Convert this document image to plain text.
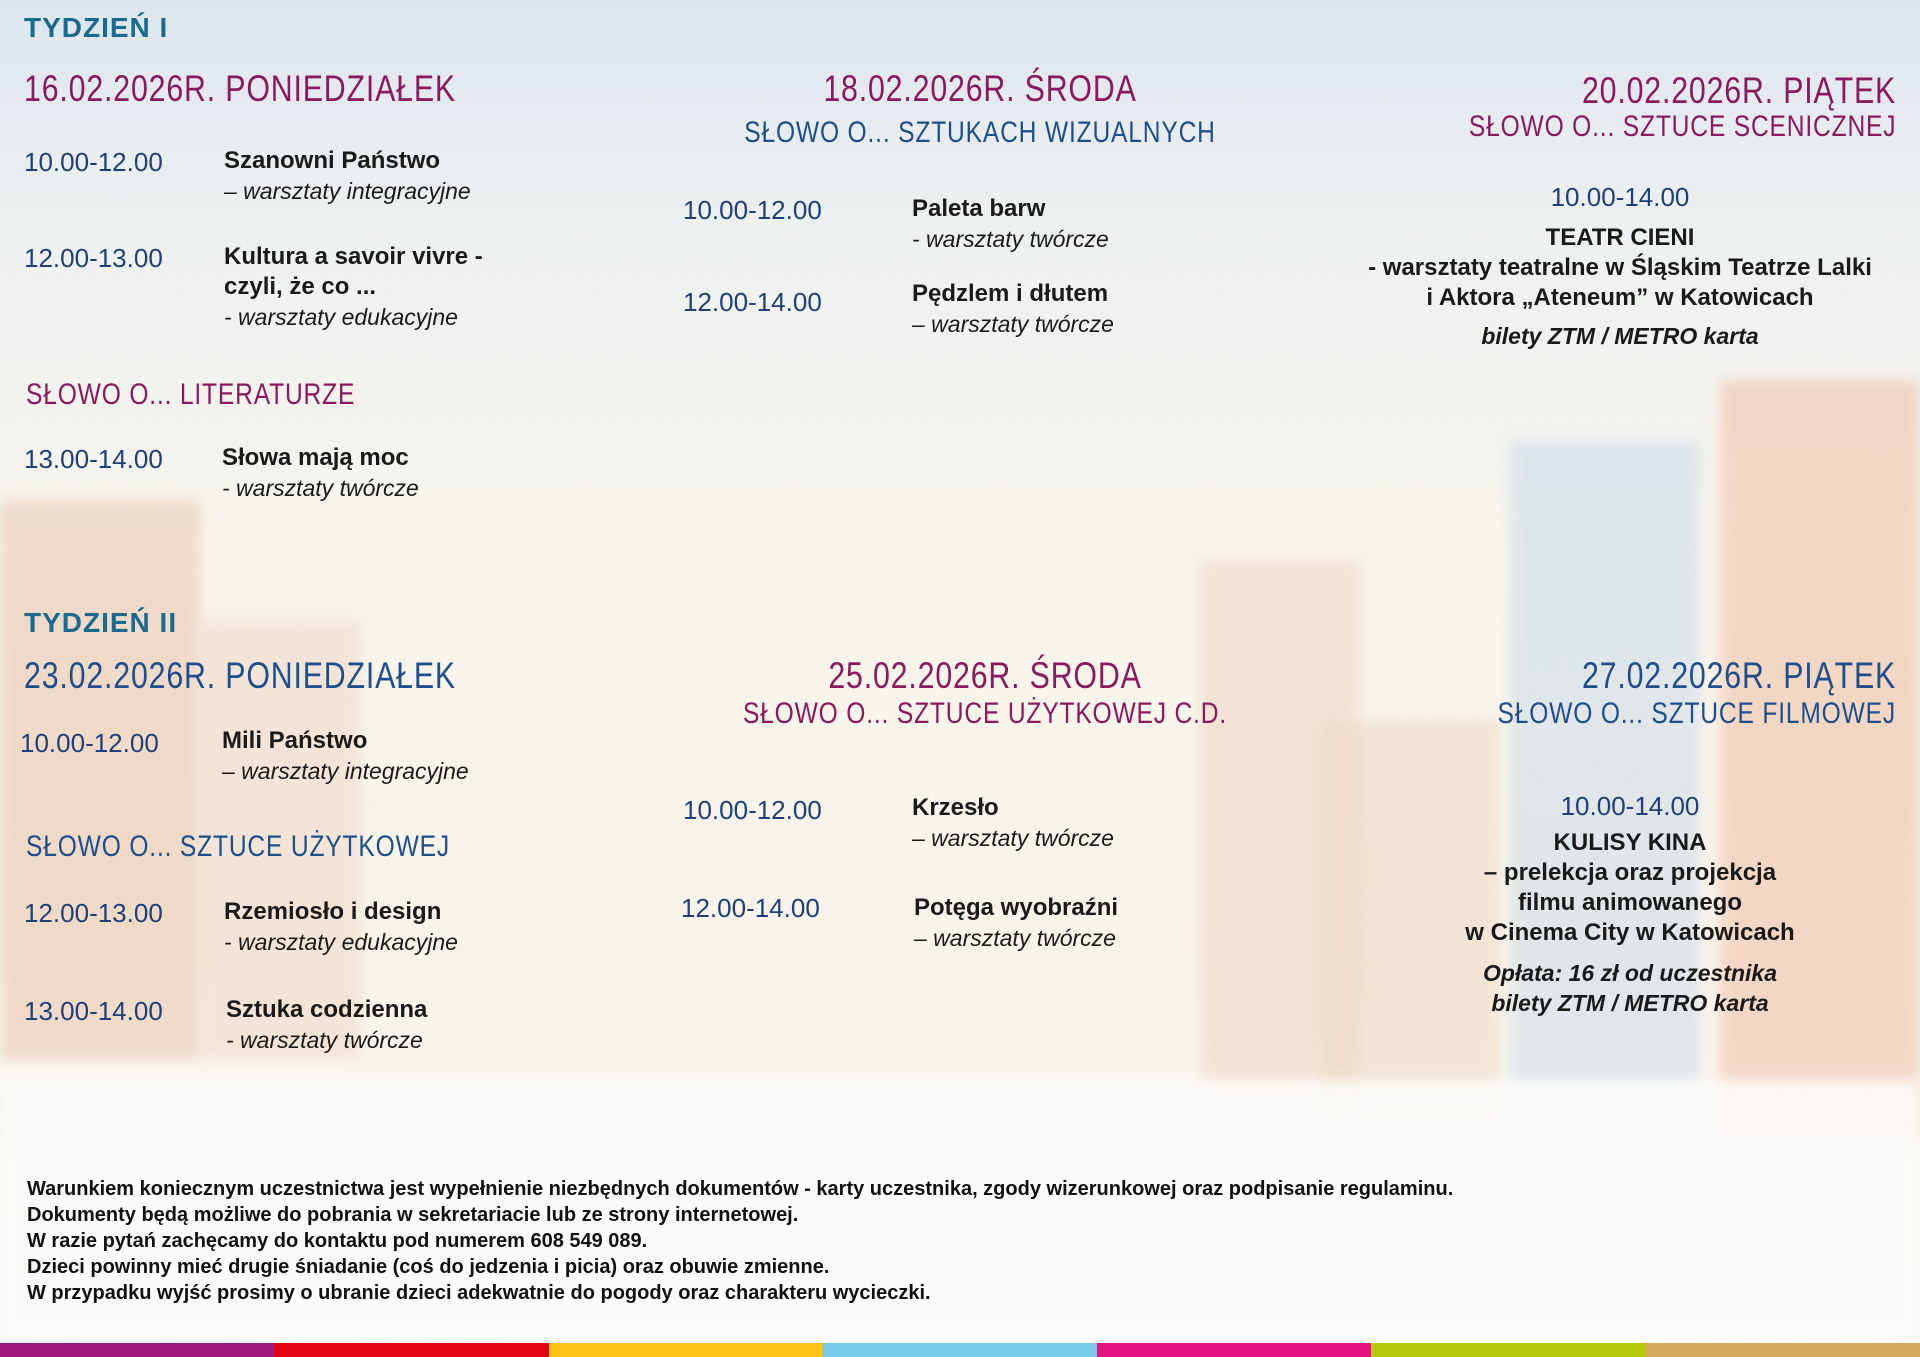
TYDZIEŃ I
16.02.2026R. PONIEDZIAŁEK
10.00-12.00	Szanowni Państwo
– warsztaty integracyjne
12.00-13.00	Kultura a savoir vivre -
czyli, że co ...
- warsztaty edukacyjne
SŁOWO O... LITERATURZE
13.00-14.00 Słowa mają moc
- warsztaty twórcze
18.02.2026R. ŚRODA
SŁOWO O... SZTUKACH WIZUALNYCH
10.00-12.00	Paleta barw
- warsztaty twórcze
12.00-14.00	Pędzlem i dłutem
– warsztaty twórcze
20.02.2026R. PIĄTEK
SŁOWO O... SZTUCE SCENICZNEJ
10.00-14.00
TEATR CIENI
- warsztaty teatralne w Śląskim Teatrze Lalki
i Aktora „Ateneum” w Katowicach
bilety ZTM / METRO karta
TYDZIEŃ II
23.02.2026R. PONIEDZIAŁEK
10.00-12.00	Mili Państwo
– warsztaty integracyjne
SŁOWO O... SZTUCE UŻYTKOWEJ
12.00-13.00	Rzemiosło i design
- warsztaty edukacyjne
13.00-14.00	Sztuka codzienna
- warsztaty twórcze
25.02.2026R. ŚRODA
SŁOWO O... SZTUCE UŻYTKOWEJ C.D.
10.00-12.00	Krzesło
– warsztaty twórcze
12.00-14.00	Potęga wyobraźni
– warsztaty twórcze
27.02.2026R. PIĄTEK
SŁOWO O... SZTUCE FILMOWEJ
10.00-14.00
KULISY KINA
– prelekcja oraz projekcja
filmu animowanego
w Cinema City w Katowicach
Opłata: 16 zł od uczestnika
bilety ZTM / METRO karta
Warunkiem koniecznym uczestnictwa jest wypełnienie niezbędnych dokumentów - karty uczestnika, zgody wizerunkowej oraz podpisanie regulaminu.
Dokumenty będą możliwe do pobrania w sekretariacie lub ze strony internetowej.
W razie pytań zachęcamy do kontaktu pod numerem 608 549 089.
Dzieci powinny mieć drugie śniadanie (coś do jedzenia i picia) oraz obuwie zmienne.
W przypadku wyjść prosimy o ubranie dzieci adekwatnie do pogody oraz charakteru wycieczki.
